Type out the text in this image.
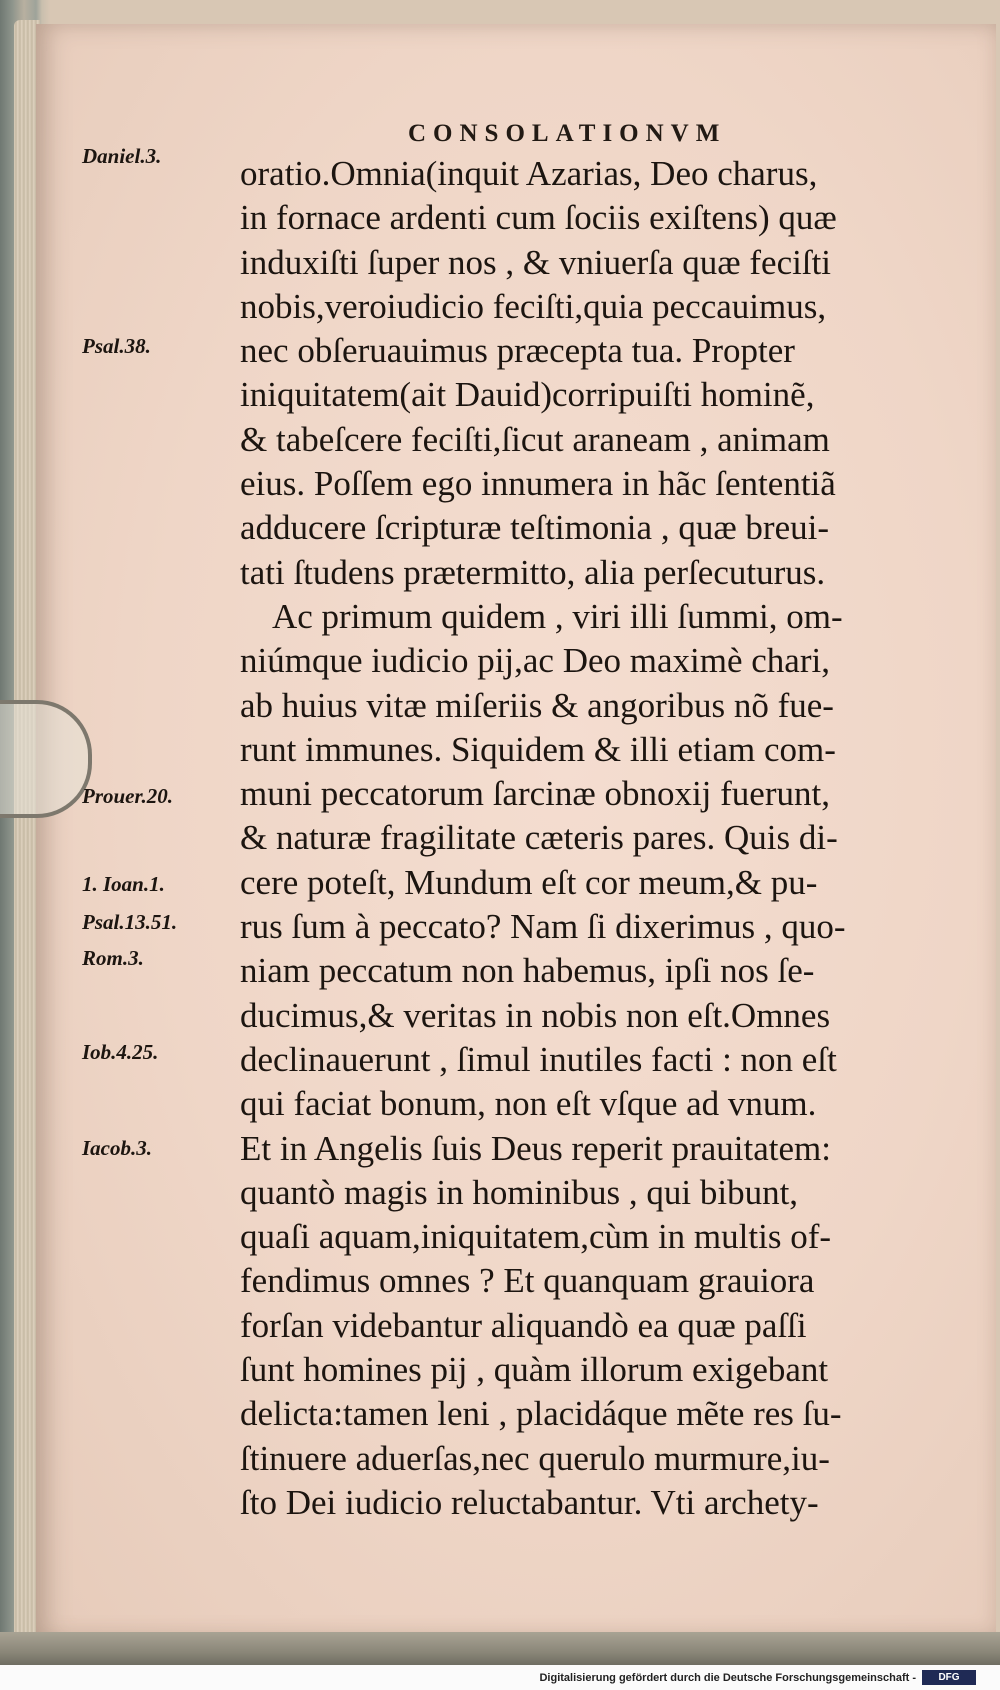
CONSOLATIONVM
Daniel.3.
Psal.38.
Prouer.20.
1. Ioan.1.
Psal.13.51.
Rom.3.
Iob.4.25.
Iacob.3.
oratio.Omnia(inquit Azarias, Deo charus,
in fornace ardenti cum ſociis exiſtens) quæ
induxiſti ſuper nos , & vniuerſa quæ feciſti
nobis,veroiudicio feciſti,quia peccauimus,
nec obſeruauimus præcepta tua. Propter
iniquitatem(ait Dauid)corripuiſti hominẽ,
& tabeſcere feciſti,ſicut araneam , animam
eius. Poſſem ego innumera in hãc ſententiã
adducere ſcripturæ teſtimonia , quæ breui-
tati ſtudens prætermitto, alia perſecuturus.
Ac primum quidem , viri illi ſummi, om-
niúmque iudicio pij,ac Deo maximè chari,
ab huius vitæ miſeriis & angoribus nõ fue-
runt immunes. Siquidem & illi etiam com-
muni peccatorum ſarcinæ obnoxij fuerunt,
& naturæ fragilitate cæteris pares. Quis di-
cere poteſt, Mundum eſt cor meum,& pu-
rus ſum à peccato? Nam ſi dixerimus , quo-
niam peccatum non habemus, ipſi nos ſe-
ducimus,& veritas in nobis non eſt.Omnes
declinauerunt , ſimul inutiles facti : non eſt
qui faciat bonum, non eſt vſque ad vnum.
Et in Angelis ſuis Deus reperit prauitatem:
quantò magis in hominibus , qui bibunt,
quaſi aquam,iniquitatem,cùm in multis of-
fendimus omnes ? Et quanquam grauiora
forſan videbantur aliquandò ea quæ paſſi
ſunt homines pij , quàm illorum exigebant
delicta:tamen leni , placidáque mẽte res ſu-
ſtinuere aduerſas,nec querulo murmure,iu-
ſto Dei iudicio reluctabantur. Vti archety-
Digitalisierung gefördert durch die Deutsche Forschungsgemeinschaft -	DFG
